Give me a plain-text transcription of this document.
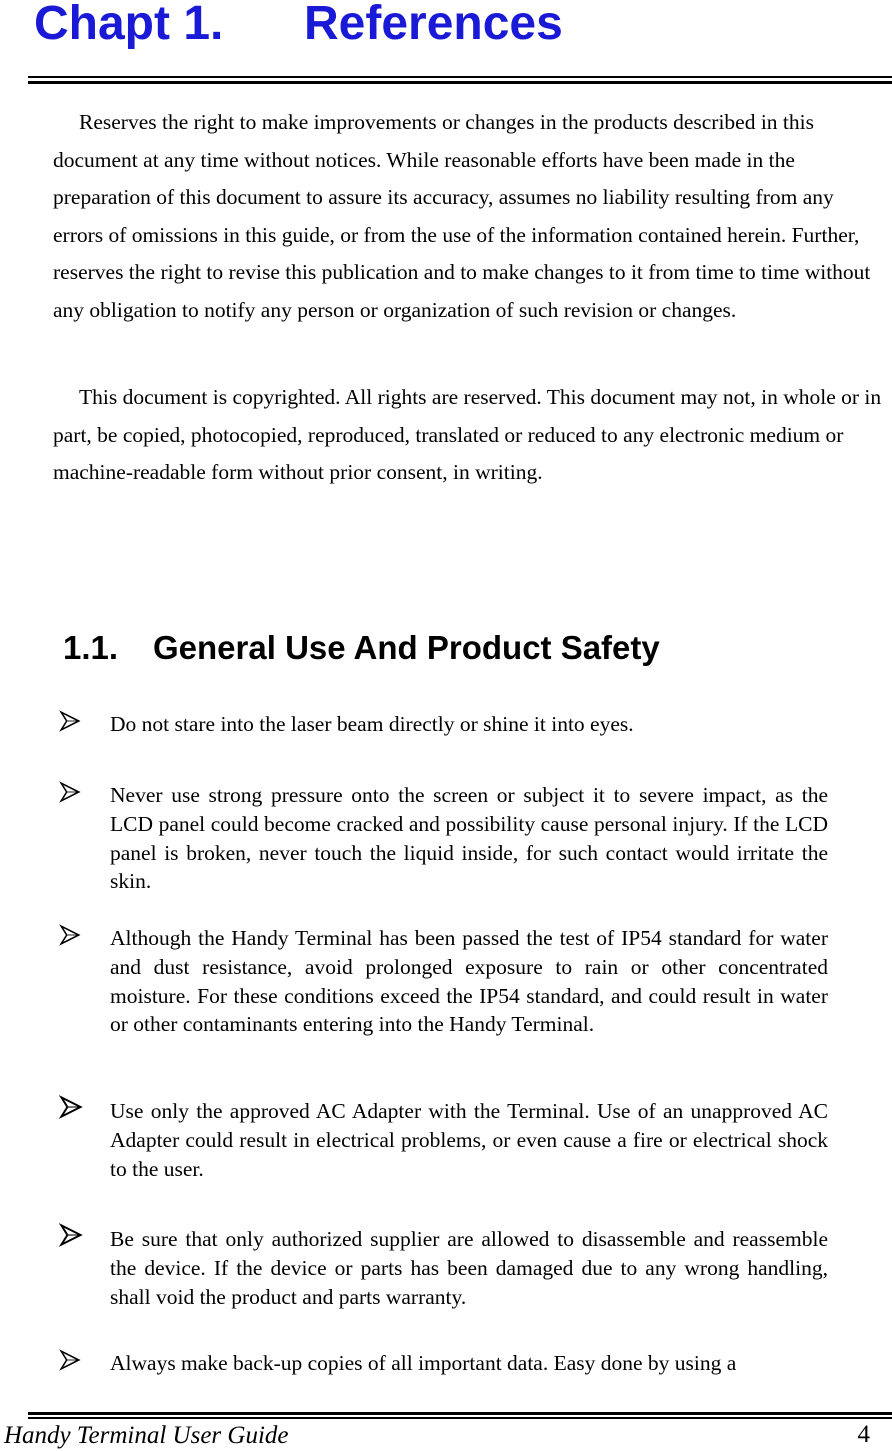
Chapt 1. References

Reserves the right to make improvements or changes in the products described in this document at any time without notices. While reasonable efforts have been made in the preparation of this document to assure its accuracy, assumes no liability resulting from any errors of omissions in this guide, or from the use of the information contained herein. Further, reserves the right to revise this publication and to make changes to it from time to time without any obligation to notify any person or organization of such revision or changes.

This document is copyrighted. All rights are reserved. This document may not, in whole or in part, be copied, photocopied, reproduced, translated or reduced to any electronic medium or machine-readable form without prior consent, in writing.

1.1. General Use And Product Safety

Do not stare into the laser beam directly or shine it into eyes.

Never use strong pressure onto the screen or subject it to severe impact, as the LCD panel could become cracked and possibility cause personal injury. If the LCD panel is broken, never touch the liquid inside, for such contact would irritate the skin.

Although the Handy Terminal has been passed the test of IP54 standard for water and dust resistance, avoid prolonged exposure to rain or other concentrated moisture. For these conditions exceed the IP54 standard, and could result in water or other contaminants entering into the Handy Terminal.

Use only the approved AC Adapter with the Terminal. Use of an unapproved AC Adapter could result in electrical problems, or even cause a fire or electrical shock to the user.

Be sure that only authorized supplier are allowed to disassemble and reassemble the device. If the device or parts has been damaged due to any wrong handling, shall void the product and parts warranty.

Always make back-up copies of all important data. Easy done by using a

Handy Terminal User Guide	4
